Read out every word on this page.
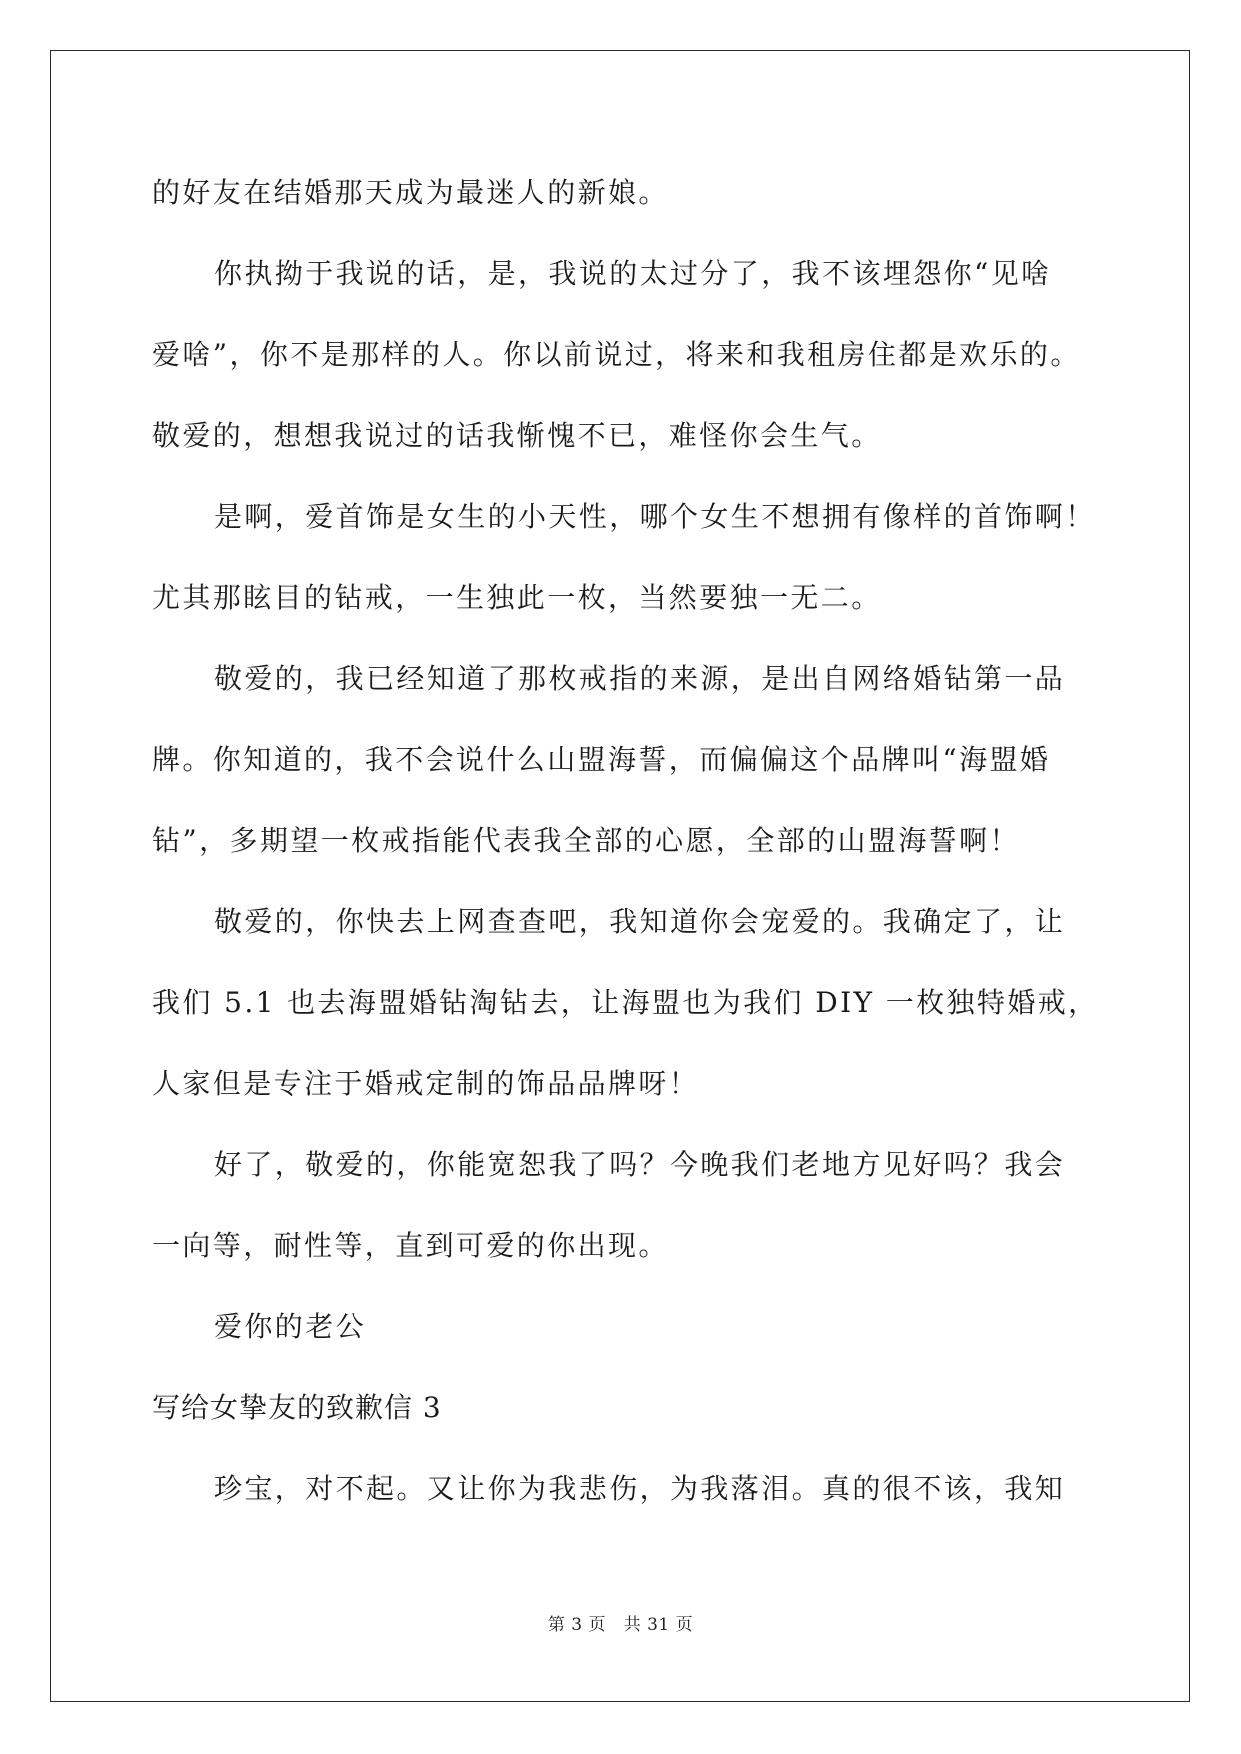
的好友在结婚那天成为最迷人的新娘。
你执拗于我说的话，是，我说的太过分了，我不该埋怨你“见啥
爱啥”，你不是那样的人。你以前说过，将来和我租房住都是欢乐的。
敬爱的，想想我说过的话我惭愧不已，难怪你会生气。
是啊，爱首饰是女生的小天性，哪个女生不想拥有像样的首饰啊！
尤其那眩目的钻戒，一生独此一枚，当然要独一无二。
敬爱的，我已经知道了那枚戒指的来源，是出自网络婚钻第一品
牌。你知道的，我不会说什么山盟海誓，而偏偏这个品牌叫“海盟婚
钻”，多期望一枚戒指能代表我全部的心愿，全部的山盟海誓啊！
敬爱的，你快去上网查查吧，我知道你会宠爱的。我确定了，让
我们 5.1 也去海盟婚钻淘钻去，让海盟也为我们 DIY 一枚独特婚戒，
人家但是专注于婚戒定制的饰品品牌呀！
好了，敬爱的，你能宽恕我了吗？今晚我们老地方见好吗？我会
一向等，耐性等，直到可爱的你出现。
爱你的老公
写给女挚友的致歉信 3
珍宝，对不起。又让你为我悲伤，为我落泪。真的很不该，我知
第 3 页   共 31 页
